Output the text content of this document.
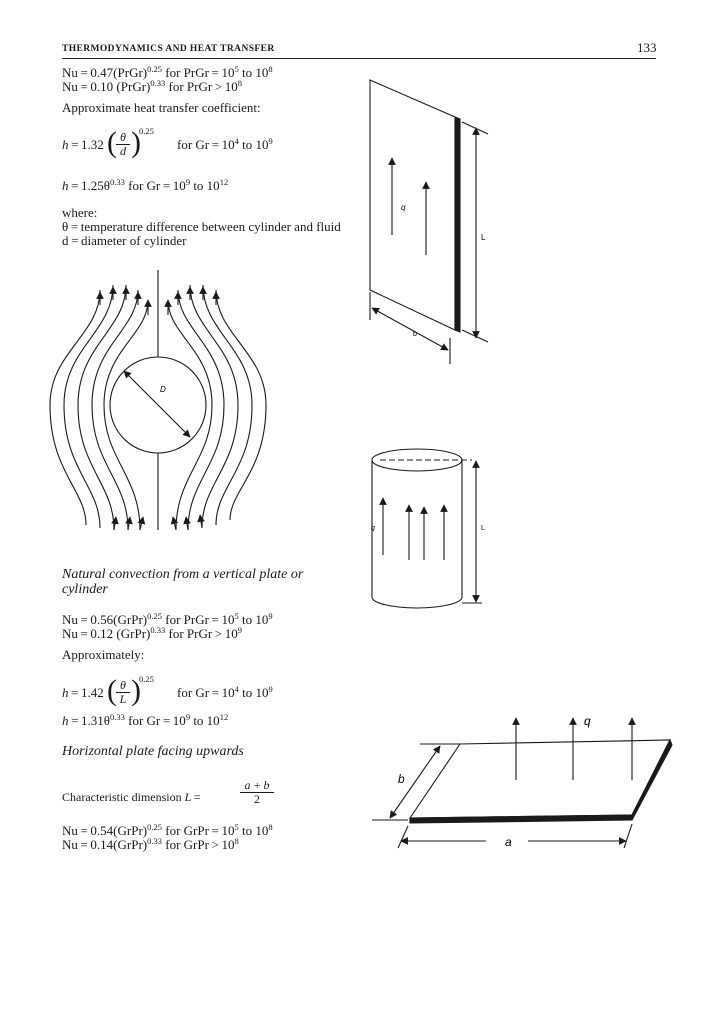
THERMODYNAMICS AND HEAT TRANSFER	133
Nu = 0.47(PrGr)$^{0.25}$ for PrGr = $10^5$ to $10^8$
Nu = 0.10 (PrGr)$^{0.33}$ for PrGr > $10^8$
Approximate heat transfer coefficient:
h = 1.32 ( θ
d )
0.25
for $Gr = 10^4$ to $10^9$
$h = 1.25\theta^{0.33}$ for $Gr = 10^9$ to $10^{12}$
where:
θ = temperature difference between cylinder and fluid
d = diameter of cylinder
Natural convection from a vertical plate or
cylinder
Nu = 0.56(GrPr)$^{0.25}$ for PrGr = $10^5$ to $10^9$
Nu = 0.12 (GrPr)$^{0.33}$ for PrGr > $10^9$
Approximately:
h = 1.42 ( θ
L )
0.25
for $Gr = 10^4$ to $10^9$
$h = 1.31\theta^{0.33}$ for $Gr = 10^9$ to $10^{12}$
Horizontal plate facing upwards
Characteristic dimension L = 
a + b
2
Nu = 0.54(GrPr)$^{0.25}$ for GrPr = $10^5$ to $10^8$
Nu = 0.14(GrPr)$^{0.33}$ for GrPr > $10^8$
q
L
b
D
q	L
q
a
b
